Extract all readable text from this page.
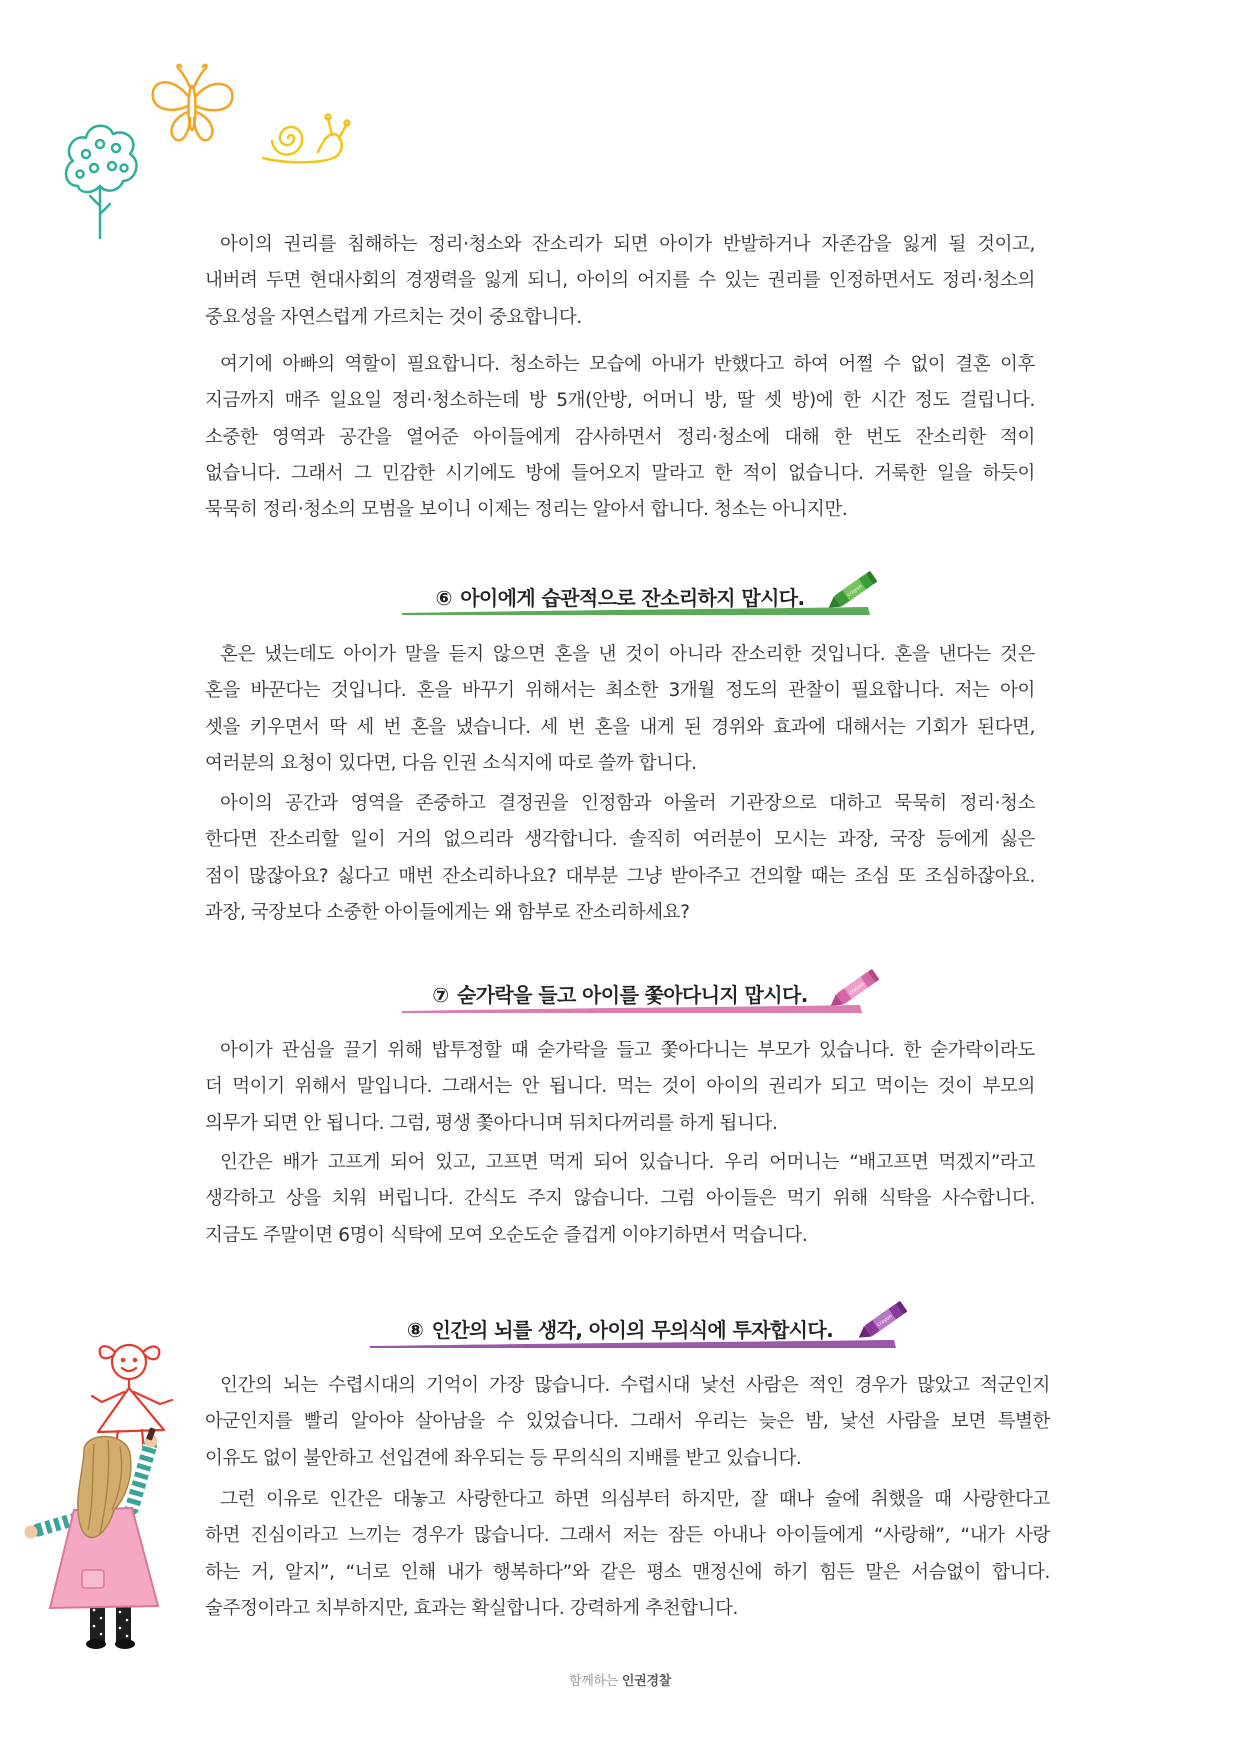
아이의 권리를 침해하는 정리·청소와 잔소리가 되면 아이가 반발하거나 자존감을 잃게 될 것이고,
내버려 두면 현대사회의 경쟁력을 잃게 되니, 아이의 어지를 수 있는 권리를 인정하면서도 정리·청소의
중요성을 자연스럽게 가르치는 것이 중요합니다.
여기에 아빠의 역할이 필요합니다. 청소하는 모습에 아내가 반했다고 하여 어쩔 수 없이 결혼 이후
지금까지 매주 일요일 정리·청소하는데 방 5개(안방, 어머니 방, 딸 셋 방)에 한 시간 정도 걸립니다.
소중한 영역과 공간을 열어준 아이들에게 감사하면서 정리·청소에 대해 한 번도 잔소리한 적이
없습니다. 그래서 그 민감한 시기에도 방에 들어오지 말라고 한 적이 없습니다. 거룩한 일을 하듯이
묵묵히 정리·청소의 모범을 보이니 이제는 정리는 알아서 합니다. 청소는 아니지만.
⑥ 아이에게 습관적으로 잔소리하지 맙시다.	crayon
혼은 냈는데도 아이가 말을 듣지 않으면 혼을 낸 것이 아니라 잔소리한 것입니다. 혼을 낸다는 것은
혼을 바꾼다는 것입니다. 혼을 바꾸기 위해서는 최소한 3개월 정도의 관찰이 필요합니다. 저는 아이
셋을 키우면서 딱 세 번 혼을 냈습니다. 세 번 혼을 내게 된 경위와 효과에 대해서는 기회가 된다면,
여러분의 요청이 있다면, 다음 인권 소식지에 따로 쓸까 합니다.
아이의 공간과 영역을 존중하고 결정권을 인정함과 아울러 기관장으로 대하고 묵묵히 정리·청소
한다면 잔소리할 일이 거의 없으리라 생각합니다. 솔직히 여러분이 모시는 과장, 국장 등에게 싫은
점이 많잖아요? 싫다고 매번 잔소리하나요? 대부분 그냥 받아주고 건의할 때는 조심 또 조심하잖아요.
과장, 국장보다 소중한 아이들에게는 왜 함부로 잔소리하세요?
⑦ 숟가락을 들고 아이를 쫓아다니지 맙시다.	crayon
아이가 관심을 끌기 위해 밥투정할 때 숟가락을 들고 쫓아다니는 부모가 있습니다. 한 숟가락이라도
더 먹이기 위해서 말입니다. 그래서는 안 됩니다. 먹는 것이 아이의 권리가 되고 먹이는 것이 부모의
의무가 되면 안 됩니다. 그럼, 평생 쫓아다니며 뒤치다꺼리를 하게 됩니다.
인간은 배가 고프게 되어 있고, 고프면 먹게 되어 있습니다. 우리 어머니는 “배고프면 먹겠지”라고
생각하고 상을 치워 버립니다. 간식도 주지 않습니다. 그럼 아이들은 먹기 위해 식탁을 사수합니다.
지금도 주말이면 6명이 식탁에 모여 오순도순 즐겁게 이야기하면서 먹습니다.
⑧ 인간의 뇌를 생각, 아이의 무의식에 투자합시다.	crayon
인간의 뇌는 수렵시대의 기억이 가장 많습니다. 수렵시대 낯선 사람은 적인 경우가 많았고 적군인지
아군인지를 빨리 알아야 살아남을 수 있었습니다. 그래서 우리는 늦은 밤, 낯선 사람을 보면 특별한
이유도 없이 불안하고 선입견에 좌우되는 등 무의식의 지배를 받고 있습니다.
그런 이유로 인간은 대놓고 사랑한다고 하면 의심부터 하지만, 잘 때나 술에 취했을 때 사랑한다고
하면 진심이라고 느끼는 경우가 많습니다. 그래서 저는 잠든 아내나 아이들에게 “사랑해”, “내가 사랑
하는 거, 알지”, “너로 인해 내가 행복하다”와 같은 평소 맨정신에 하기 힘든 말은 서슴없이 합니다.
술주정이라고 치부하지만, 효과는 확실합니다. 강력하게 추천합니다.
함께하는 인권경찰
